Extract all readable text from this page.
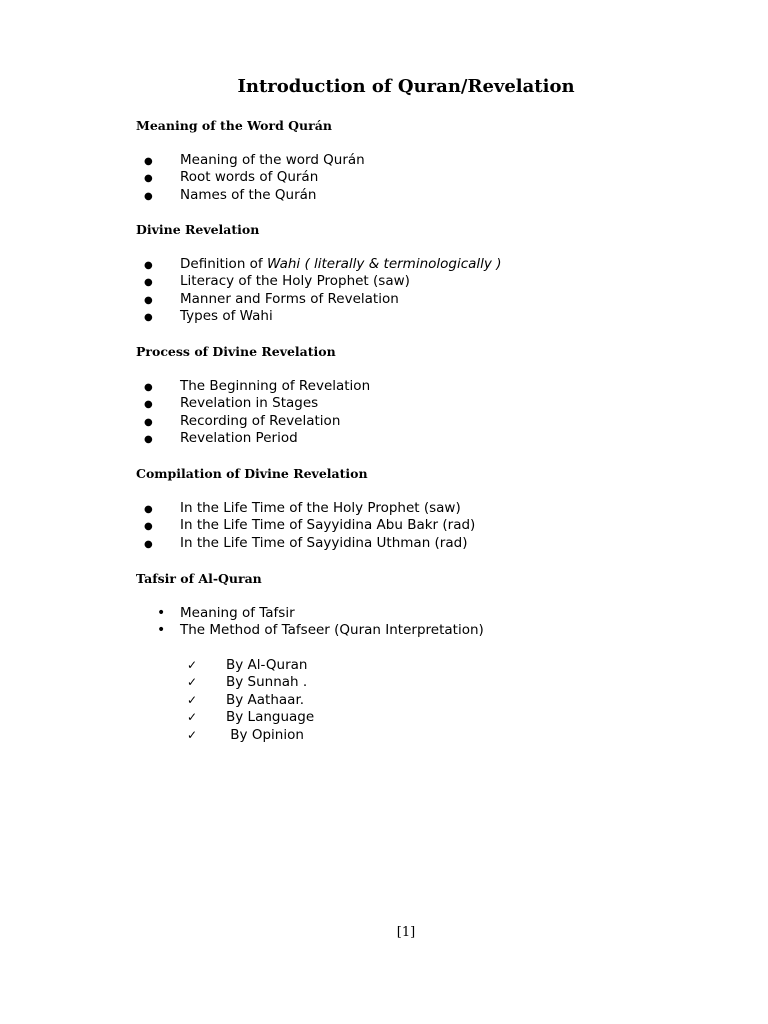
Introduction of Quran/Revelation
Meaning of the Word Qurán
● Meaning of the word Qurán
● Root words of Qurán
● Names of the Qurán
Divine Revelation
● Definition of Wahi ( literally & terminologically )
● Literacy of the Holy Prophet (saw)
● Manner and Forms of Revelation
● Types of Wahi
Process of Divine Revelation
● The Beginning of Revelation
● Revelation in Stages
● Recording of Revelation
● Revelation Period
Compilation of Divine Revelation
● In the Life Time of the Holy Prophet (saw)
● In the Life Time of Sayyidina Abu Bakr (rad)
● In the Life Time of Sayyidina Uthman (rad)
Tafsir of Al-Quran
• Meaning of Tafsir
• The Method of Tafseer (Quran Interpretation)
✓ By Al-Quran
✓ By Sunnah .
✓ By Aathaar.
✓ By Language
✓ By Opinion
[1]
